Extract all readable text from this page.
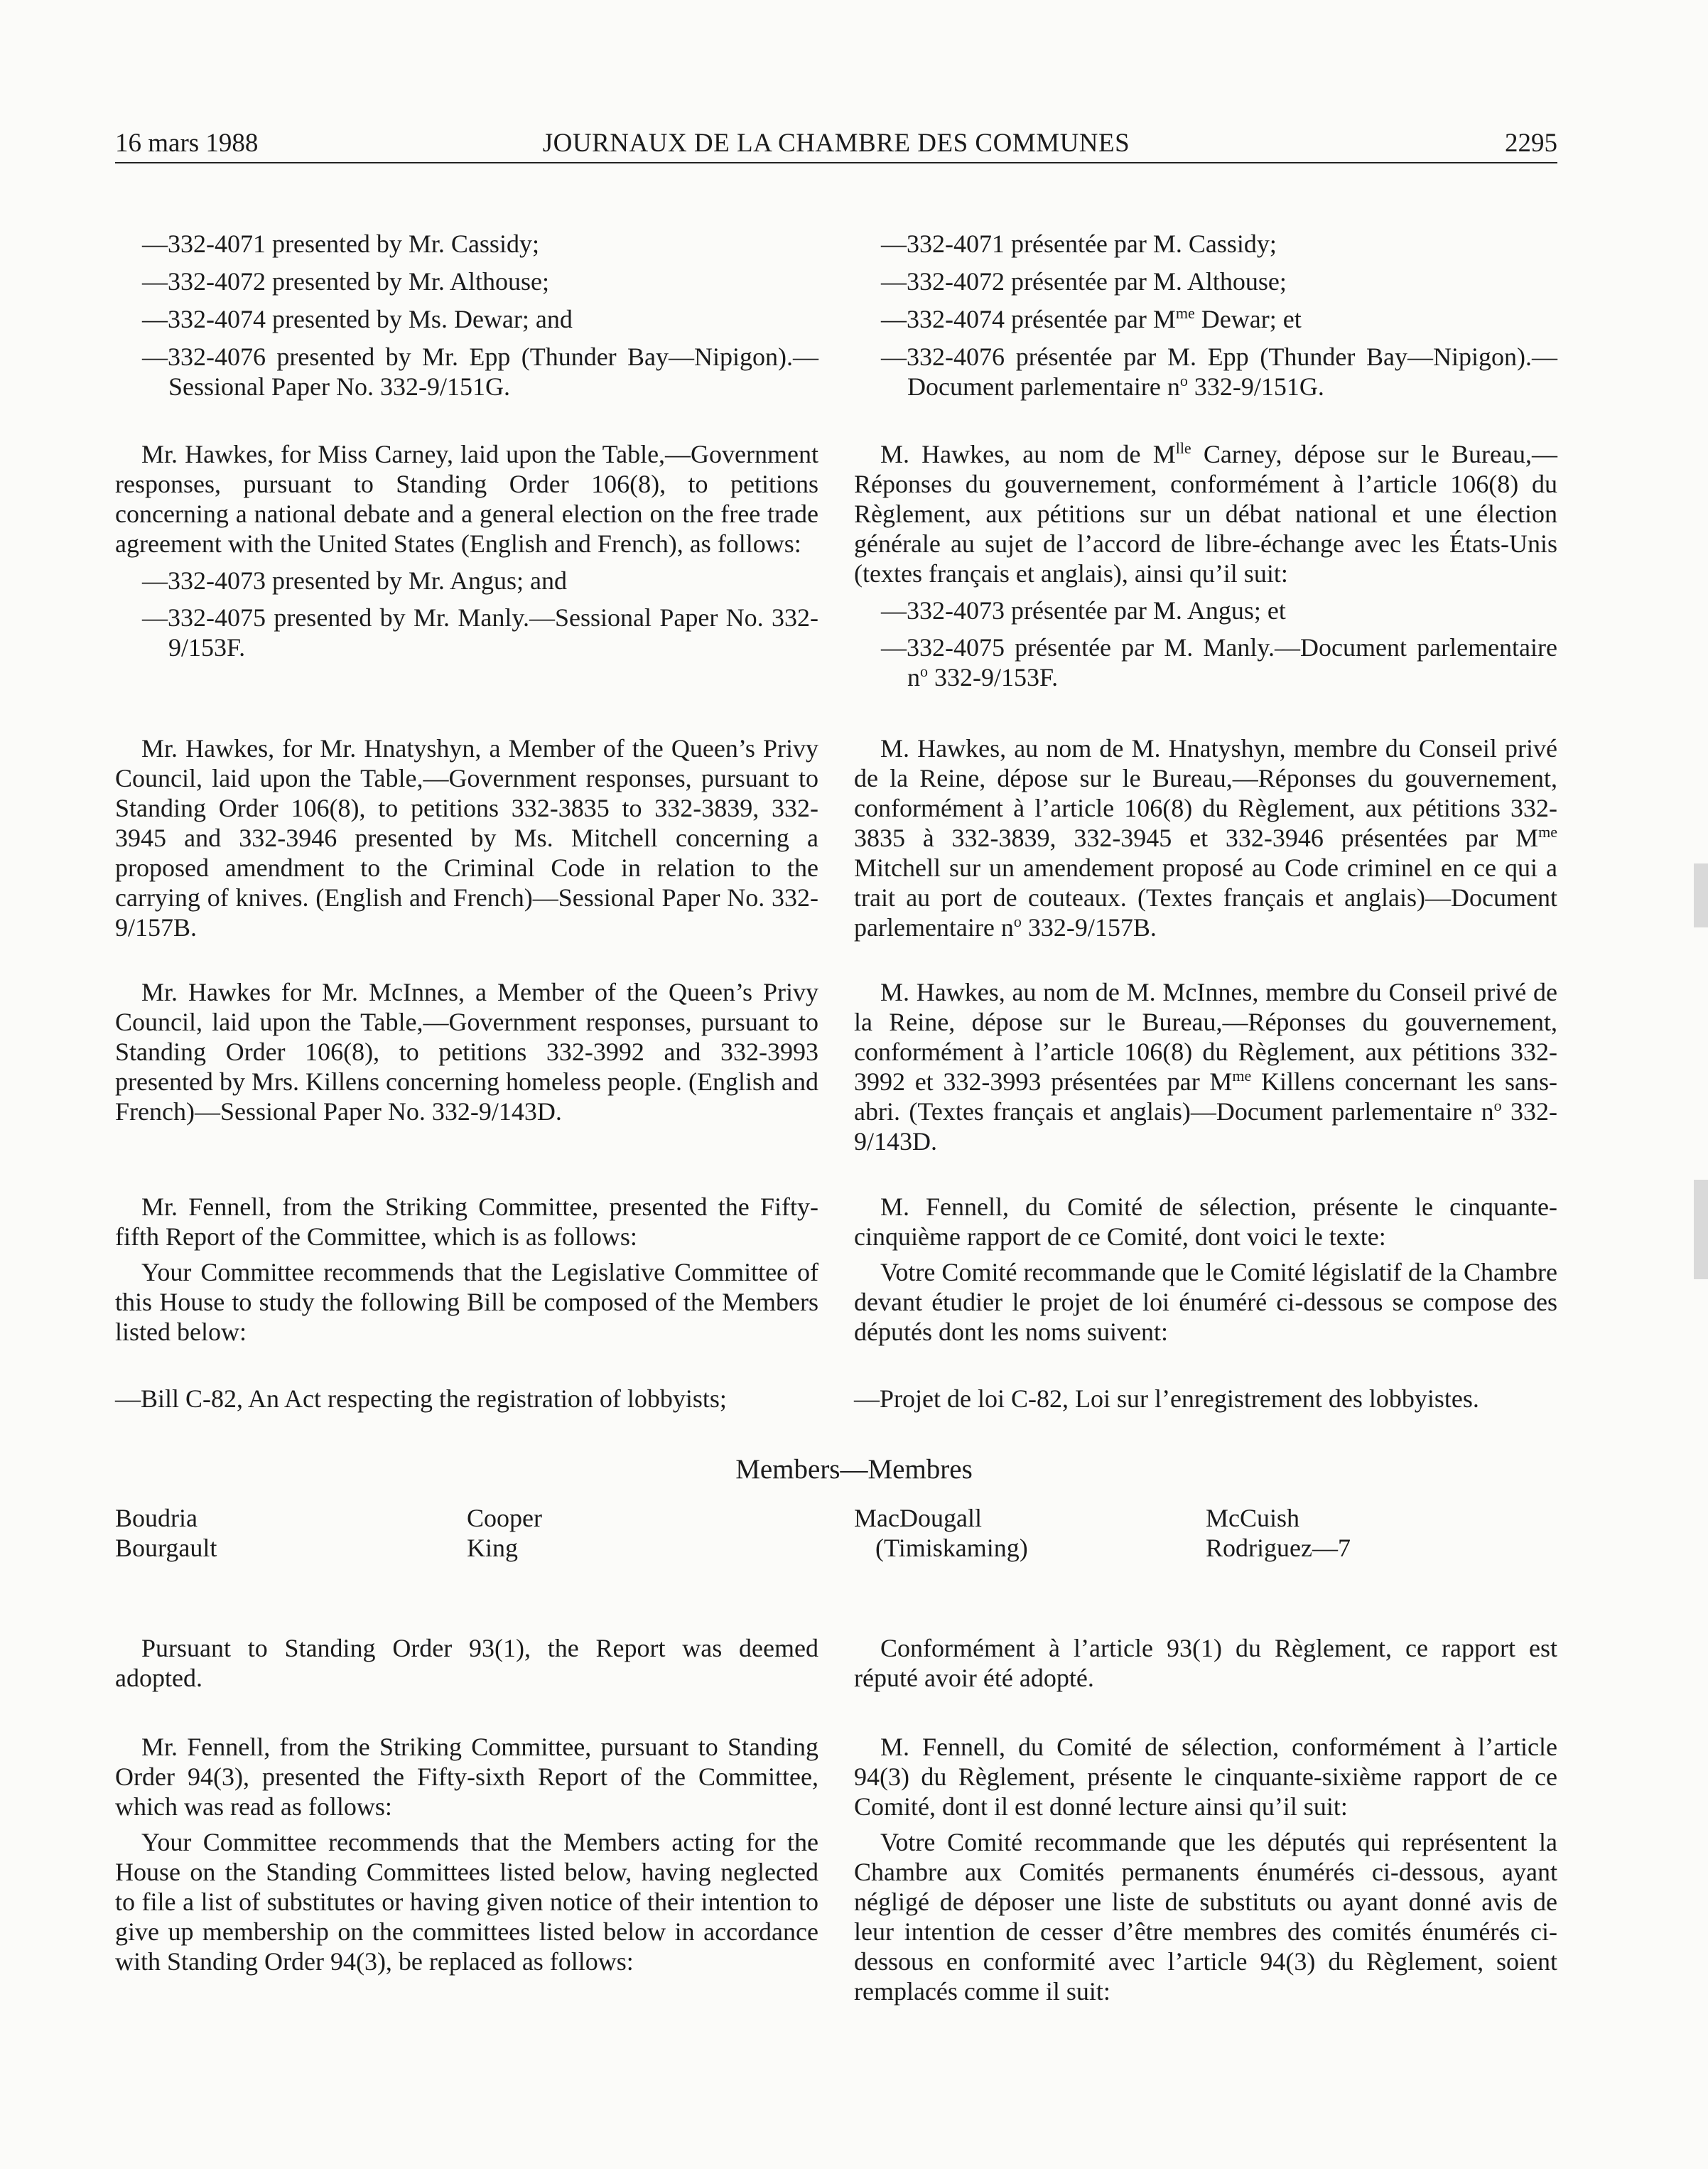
16 mars 1988	JOURNAUX DE LA CHAMBRE DES COMMUNES	2295

—332-4071 presented by Mr. Cassidy;

—332-4072 presented by Mr. Althouse;

—332-4074 presented by Ms. Dewar; and

—332-4076 presented by Mr. Epp (Thunder Bay—Nipigon).—Sessional Paper No. 332-9/151G.

—332-4071 présentée par M. Cassidy;

—332-4072 présentée par M. Althouse;

—332-4074 présentée par $M^{me}$ Dewar; et

—332-4076 présentée par M. Epp (Thunder Bay—Nipigon).—Document parlementaire $n^o$ 332-9/151G.

Mr. Hawkes, for Miss Carney, laid upon the Table,—Government responses, pursuant to Standing Order 106(8), to petitions concerning a national debate and a general election on the free trade agreement with the United States (English and French), as follows:

—332-4073 presented by Mr. Angus; and

—332-4075 presented by Mr. Manly.—Sessional Paper No. 332-9/153F.

M. Hawkes, au nom de $M^{lle}$ Carney, dépose sur le Bureau,—Réponses du gouvernement, conformément à l’article 106(8) du Règlement, aux pétitions sur un débat national et une élection générale au sujet de l’accord de libre-échange avec les États-Unis (textes français et anglais), ainsi qu’il suit:

—332-4073 présentée par M. Angus; et

—332-4075 présentée par M. Manly.—Document parlementaire $n^o$ 332-9/153F.

Mr. Hawkes, for Mr. Hnatyshyn, a Member of the Queen’s Privy Council, laid upon the Table,—Government responses, pursuant to Standing Order 106(8), to petitions 332-3835 to 332-3839, 332-3945 and 332-3946 presented by Ms. Mitchell concerning a proposed amendment to the Criminal Code in relation to the carrying of knives. (English and French)—Sessional Paper No. 332-9/157B.

M. Hawkes, au nom de M. Hnatyshyn, membre du Conseil privé de la Reine, dépose sur le Bureau,—Réponses du gouvernement, conformément à l’article 106(8) du Règlement, aux pétitions 332-3835 à 332-3839, 332-3945 et 332-3946 présentées par $M^{me}$ Mitchell sur un amendement proposé au Code criminel en ce qui a trait au port de couteaux. (Textes français et anglais)—Document parlementaire $n^o$ 332-9/157B.

Mr. Hawkes for Mr. McInnes, a Member of the Queen’s Privy Council, laid upon the Table,—Government responses, pursuant to Standing Order 106(8), to petitions 332-3992 and 332-3993 presented by Mrs. Killens concerning homeless people. (English and French)—Sessional Paper No. 332-9/143D.

M. Hawkes, au nom de M. McInnes, membre du Conseil privé de la Reine, dépose sur le Bureau,—Réponses du gouvernement, conformément à l’article 106(8) du Règlement, aux pétitions 332-3992 et 332-3993 présentées par $M^{me}$ Killens concernant les sans-abri. (Textes français et anglais)—Document parlementaire $n^o$ 332-9/143D.

Mr. Fennell, from the Striking Committee, presented the Fifty-fifth Report of the Committee, which is as follows:

Your Committee recommends that the Legislative Committee of this House to study the following Bill be composed of the Members listed below:

—Bill C-82, An Act respecting the registration of lobbyists;

M. Fennell, du Comité de sélection, présente le cinquante-cinquième rapport de ce Comité, dont voici le texte:

Votre Comité recommande que le Comité législatif de la Chambre devant étudier le projet de loi énuméré ci-dessous se compose des députés dont les noms suivent:

—Projet de loi C-82, Loi sur l’enregistrement des lobbyistes.

Members—Membres
Boudria
Bourgault
Cooper
King
MacDougall
(Timiskaming)
McCuish
Rodriguez—7

Pursuant to Standing Order 93(1), the Report was deemed adopted.

Conformément à l’article 93(1) du Règlement, ce rapport est réputé avoir été adopté.

Mr. Fennell, from the Striking Committee, pursuant to Standing Order 94(3), presented the Fifty-sixth Report of the Committee, which was read as follows:

Your Committee recommends that the Members acting for the House on the Standing Committees listed below, having neglected to file a list of substitutes or having given notice of their intention to give up membership on the committees listed below in accordance with Standing Order 94(3), be replaced as follows:

M. Fennell, du Comité de sélection, conformément à l’article 94(3) du Règlement, présente le cinquante-sixième rapport de ce Comité, dont il est donné lecture ainsi qu’il suit:

Votre Comité recommande que les députés qui représentent la Chambre aux Comités permanents énumérés ci-dessous, ayant négligé de déposer une liste de substituts ou ayant donné avis de leur intention de cesser d’être membres des comités énumérés ci-dessous en conformité avec l’article 94(3) du Règlement, soient remplacés comme il suit:
